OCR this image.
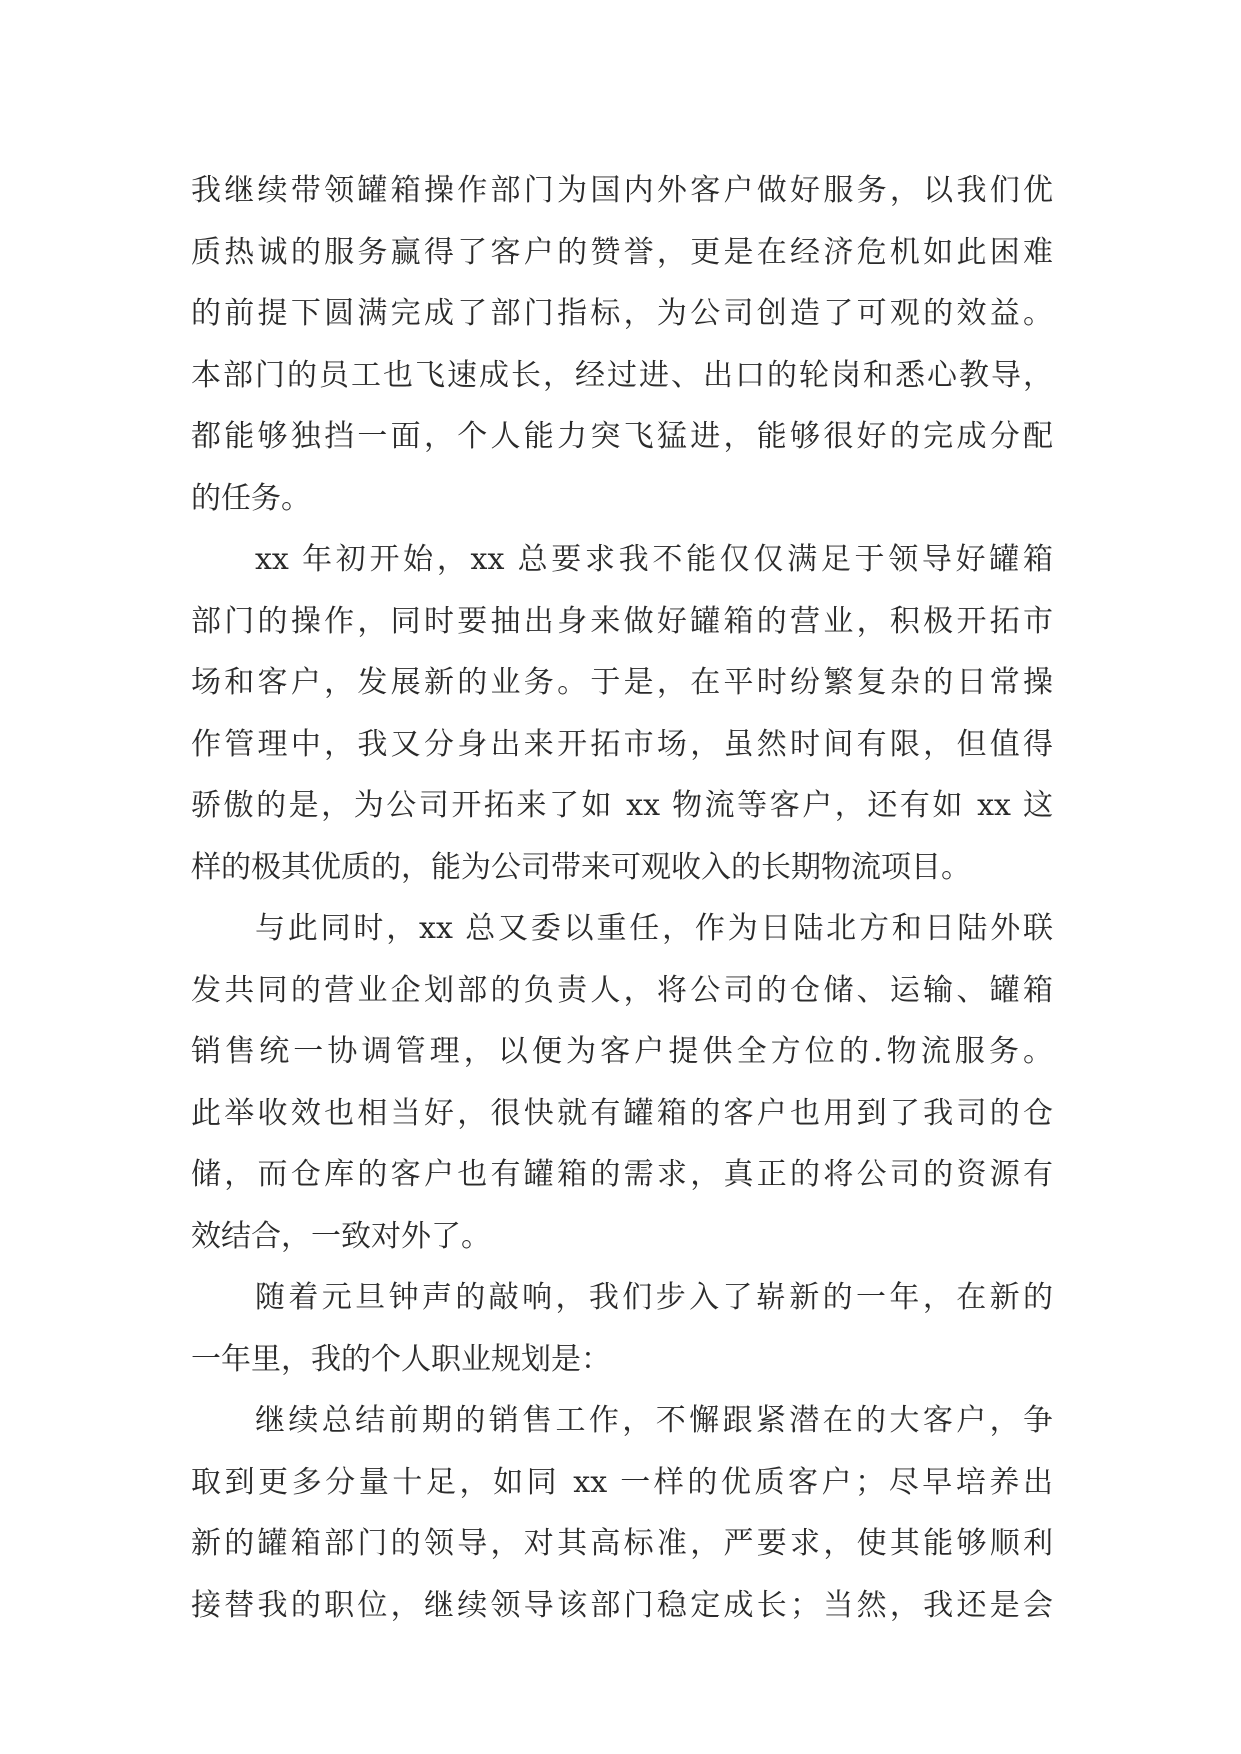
我继续带领罐箱操作部门为国内外客户做好服务，以我们优
质热诚的服务赢得了客户的赞誉，更是在经济危机如此困难
的前提下圆满完成了部门指标，为公司创造了可观的效益。
本部门的员工也飞速成长，经过进、出口的轮岗和悉心教导，
都能够独挡一面，个人能力突飞猛进，能够很好的完成分配
的任务。
xx 年初开始，xx 总要求我不能仅仅满足于领导好罐箱
部门的操作，同时要抽出身来做好罐箱的营业，积极开拓市
场和客户，发展新的业务。于是，在平时纷繁复杂的日常操
作管理中，我又分身出来开拓市场，虽然时间有限，但值得
骄傲的是，为公司开拓来了如 xx 物流等客户，还有如 xx 这
样的极其优质的，能为公司带来可观收入的长期物流项目。
与此同时，xx 总又委以重任，作为日陆北方和日陆外联
发共同的营业企划部的负责人，将公司的仓储、运输、罐箱
销售统一协调管理，以便为客户提供全方位的.物流服务。
此举收效也相当好，很快就有罐箱的客户也用到了我司的仓
储，而仓库的客户也有罐箱的需求，真正的将公司的资源有
效结合，一致对外了。
随着元旦钟声的敲响，我们步入了崭新的一年，在新的
一年里，我的个人职业规划是：
继续总结前期的销售工作，不懈跟紧潜在的大客户，争
取到更多分量十足，如同 xx 一样的优质客户；尽早培养出
新的罐箱部门的领导，对其高标准，严要求，使其能够顺利
接替我的职位，继续领导该部门稳定成长；当然，我还是会
